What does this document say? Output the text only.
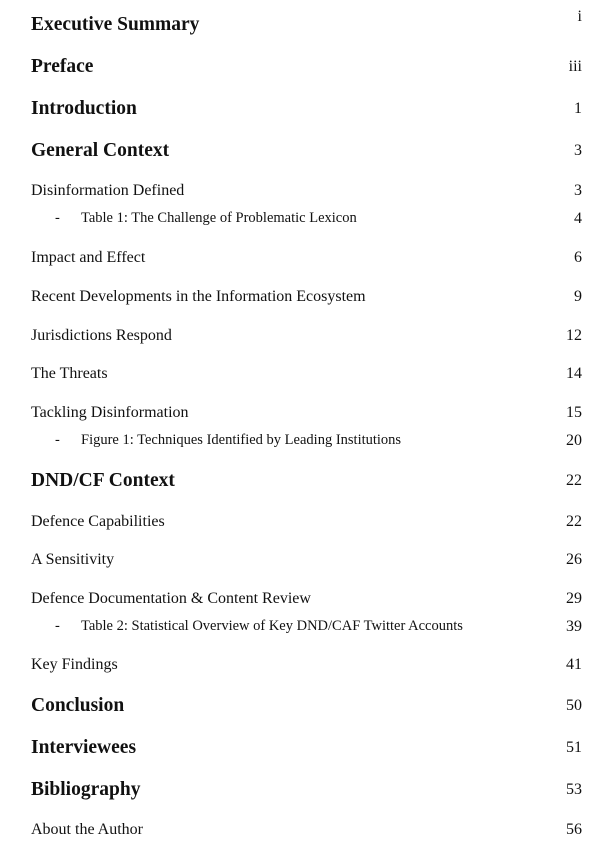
Executive Summary	i
Preface	iii
Introduction	1
General Context	3
Disinformation Defined	3
- Table 1: The Challenge of Problematic Lexicon	4
Impact and Effect	6
Recent Developments in the Information Ecosystem	9
Jurisdictions Respond	12
The Threats	14
Tackling Disinformation	15
- Figure 1: Techniques Identified by Leading Institutions	20
DND/CF Context	22
Defence Capabilities	22
A Sensitivity	26
Defence Documentation & Content Review	29
- Table 2: Statistical Overview of Key DND/CAF Twitter Accounts	39
Key Findings	41
Conclusion	50
Interviewees	51
Bibliography	53
About the Author	56
